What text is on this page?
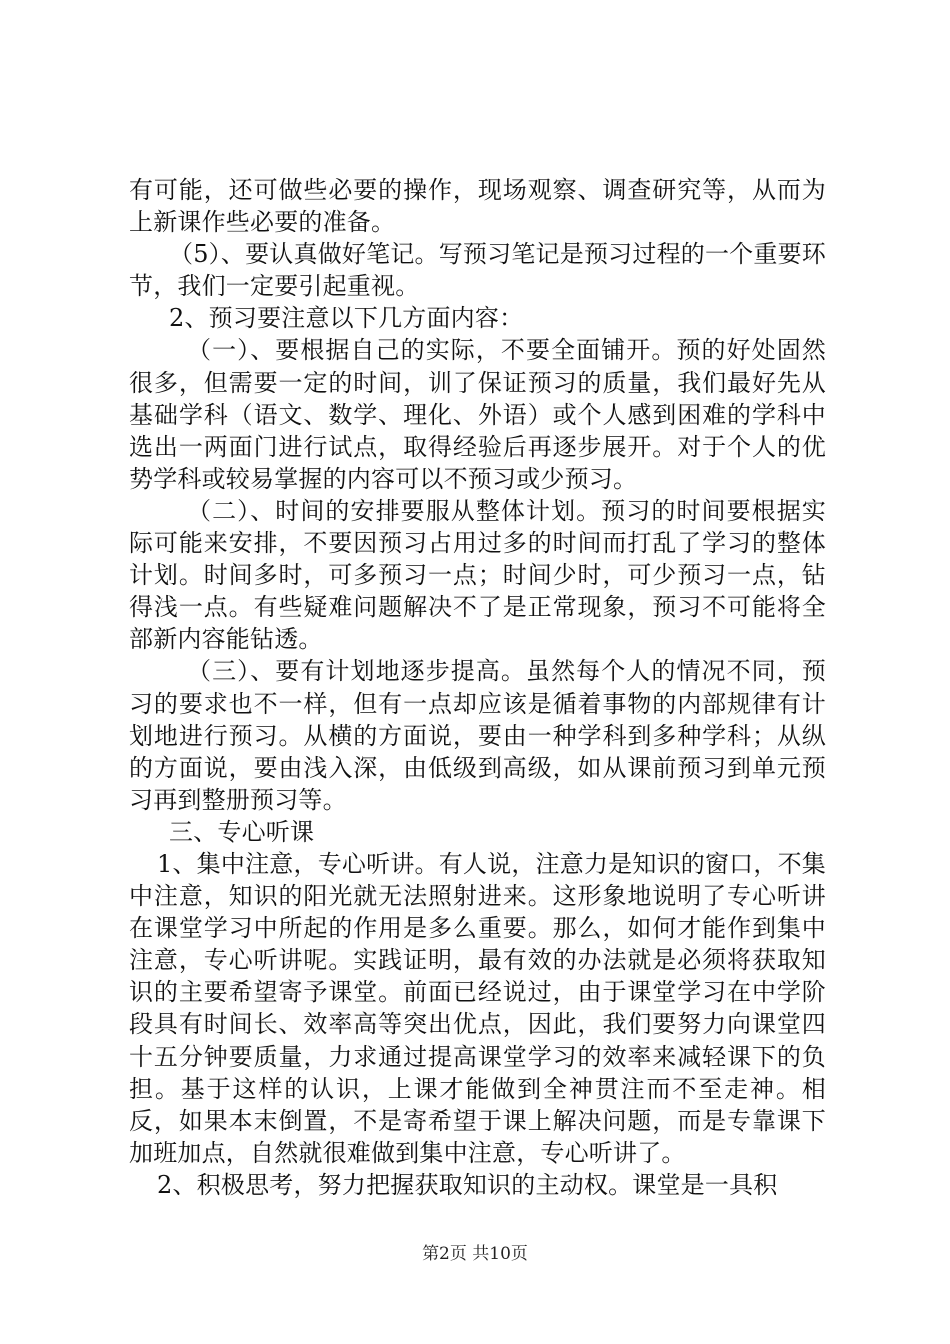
有可能，还可做些必要的操作，现场观察、调查研究等，从而为上新课作些必要的准备。

（5）、要认真做好笔记。写预习笔记是预习过程的一个重要环节，我们一定要引起重视。

2、预习要注意以下几方面内容：

（一）、要根据自己的实际，不要全面铺开。预的好处固然很多，但需要一定的时间，训了保证预习的质量，我们最好先从基础学科（语文、数学、理化、外语）或个人感到困难的学科中选出一两面门进行试点，取得经验后再逐步展开。对于个人的优势学科或较易掌握的内容可以不预习或少预习。

（二）、时间的安排要服从整体计划。预习的时间要根据实际可能来安排，不要因预习占用过多的时间而打乱了学习的整体计划。时间多时，可多预习一点；时间少时，可少预习一点，钻得浅一点。有些疑难问题解决不了是正常现象，预习不可能将全部新内容能钻透。

（三）、要有计划地逐步提高。虽然每个人的情况不同，预习的要求也不一样，但有一点却应该是循着事物的内部规律有计划地进行预习。从横的方面说，要由一种学科到多种学科；从纵的方面说，要由浅入深，由低级到高级，如从课前预习到单元预习再到整册预习等。

三、专心听课

1、集中注意，专心听讲。有人说，注意力是知识的窗口，不集中注意，知识的阳光就无法照射进来。这形象地说明了专心听讲在课堂学习中所起的作用是多么重要。那么，如何才能作到集中注意，专心听讲呢。实践证明，最有效的办法就是必须将获取知识的主要希望寄予课堂。前面已经说过，由于课堂学习在中学阶段具有时间长、效率高等突出优点，因此，我们要努力向课堂四十五分钟要质量，力求通过提高课堂学习的效率来减轻课下的负担。基于这样的认识，上课才能做到全神贯注而不至走神。相反，如果本末倒置，不是寄希望于课上解决问题，而是专靠课下加班加点，自然就很难做到集中注意，专心听讲了。

2、积极思考，努力把握获取知识的主动权。课堂是一具积

第2页 共10页
